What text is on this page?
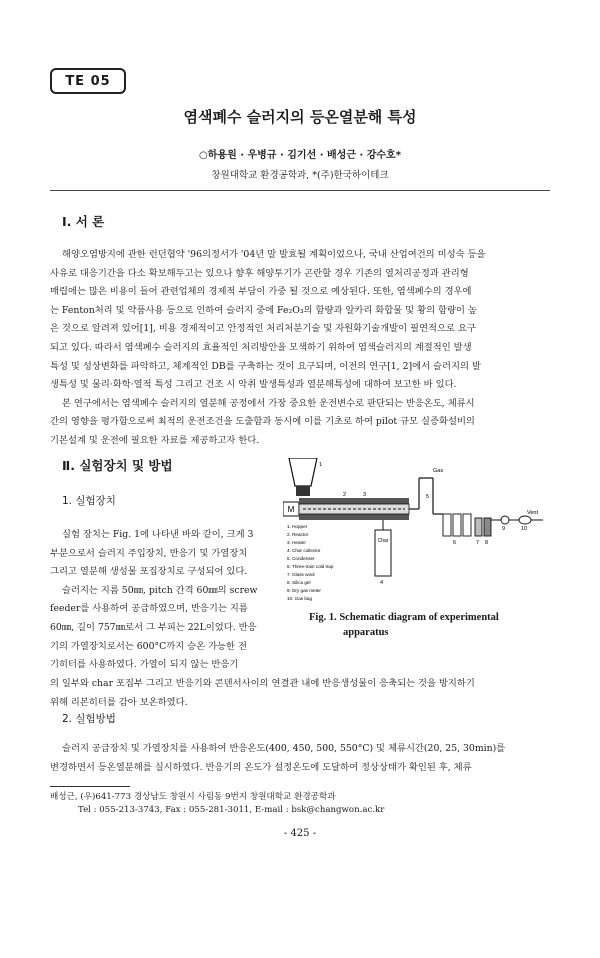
TE 05
염색폐수 슬러지의 등온열분해 특성
○하용원 · 우병규 · 김기선 · 배성근 · 강수호*
창원대학교 환경공학과, *(주)한국하이테크
Ⅰ. 서 론
해양오염방지에 관한 런던협약 '96의정서가 '04년 말 발효될 계획이었으나, 국내 산업여건의 미성숙 등을
사유로 대응기간을 다소 확보해두고는 있으나 향후 해양투기가 곤란할 경우 기존의 열처리공정과 관리형
매립에는 많은 비용이 들어 관련업체의 경제적 부담이 가중 될 것으로 예상된다. 또한, 염색폐수의 경우에
는 Fenton처리 및 약품사용 등으로 인하여 슬러지 중에 Fe₂O₃의 함량과 알카리 화합물 및 황의 함량이 높
은 것으로 알려져 있어[1], 비용 경제적이고 안정적인 처리처분기술 및 자원화기술개발이 필연적으로 요구
되고 있다. 따라서 염색폐수 슬러지의 효율적인 처리방안을 모색하기 위하여 염색슬러지의 계절적인 발생
특성 및 성상변화를 파악하고, 체계적인 DB를 구축하는 것이 요구되며, 이전의 연구[1, 2]에서 슬러지의 발
생특성 및 물리·화학·열적 특성 그리고 건조 시 악취 발생특성과 열분해특성에 대하여 보고한 바 있다.
본 연구에서는 염색폐수 슬러지의 열분해 공정에서 가장 중요한 운전변수로 판단되는 반응온도, 체류시
간의 영향을 평가함으로써 최적의 운전조건을 도출함과 동시에 이를 기초로 하여 pilot 규모 실증화설비의
기본설계 및 운전에 필요한 자료를 제공하고자 한다.
Ⅱ. 실험장치 및 방법
1. 실험장치
실험 장치는 Fig. 1에 나타낸 바와 같이, 크게 3
부분으로서 슬러지 주입장치, 반응기 및 가열장치
그리고 열분해 생성물 포집장치로 구성되어 있다.
슬러지는 지름 50㎜, pitch 간격 60㎜의 screw
feeder를 사용하여 공급하였으며, 반응기는 지름
60㎜, 길이 757㎜로서 그 부피는 22L이었다. 반응
기의 가열장치로서는 600°C까지 승온 가능한 전
기히터를 사용하였다. 가열이 되지 않는 반응기
의 일부와 char 포집부 그리고 반응기와 콘덴서사이의 연결관 내에 반응생성물이 응축되는 것을 방지하기
위해 리본히터를 감아 보온하였다.
M
Char
Gas
Vent
1
2	3
4
5
6	7 8
9	10
1. Hopper
2. Reactor
3. Heater
4. Char collector
5. Condenser
6. Three-train cold trap
7. Glass wool
8. Silica gel
9. Dry gas meter
10. Gas bag
Fig. 1. Schematic diagram of experimental
apparatus
2. 실험방법
슬러지 공급장치 및 가열장치를 사용하여 반응온도(400, 450, 500, 550°C) 및 체류시간(20, 25, 30min)를
변경하면서 등온열분해를 실시하였다. 반응기의 온도가 설정온도에 도달하여 정상상태가 확인된 후, 체류
배성근, (우)641-773 경상남도 창원시 사림동 9번지 창원대학교 환경공학과
Tel : 055-213-3743, Fax : 055-281-3011, E-mail : bsk@changwon.ac.kr
- 425 -
